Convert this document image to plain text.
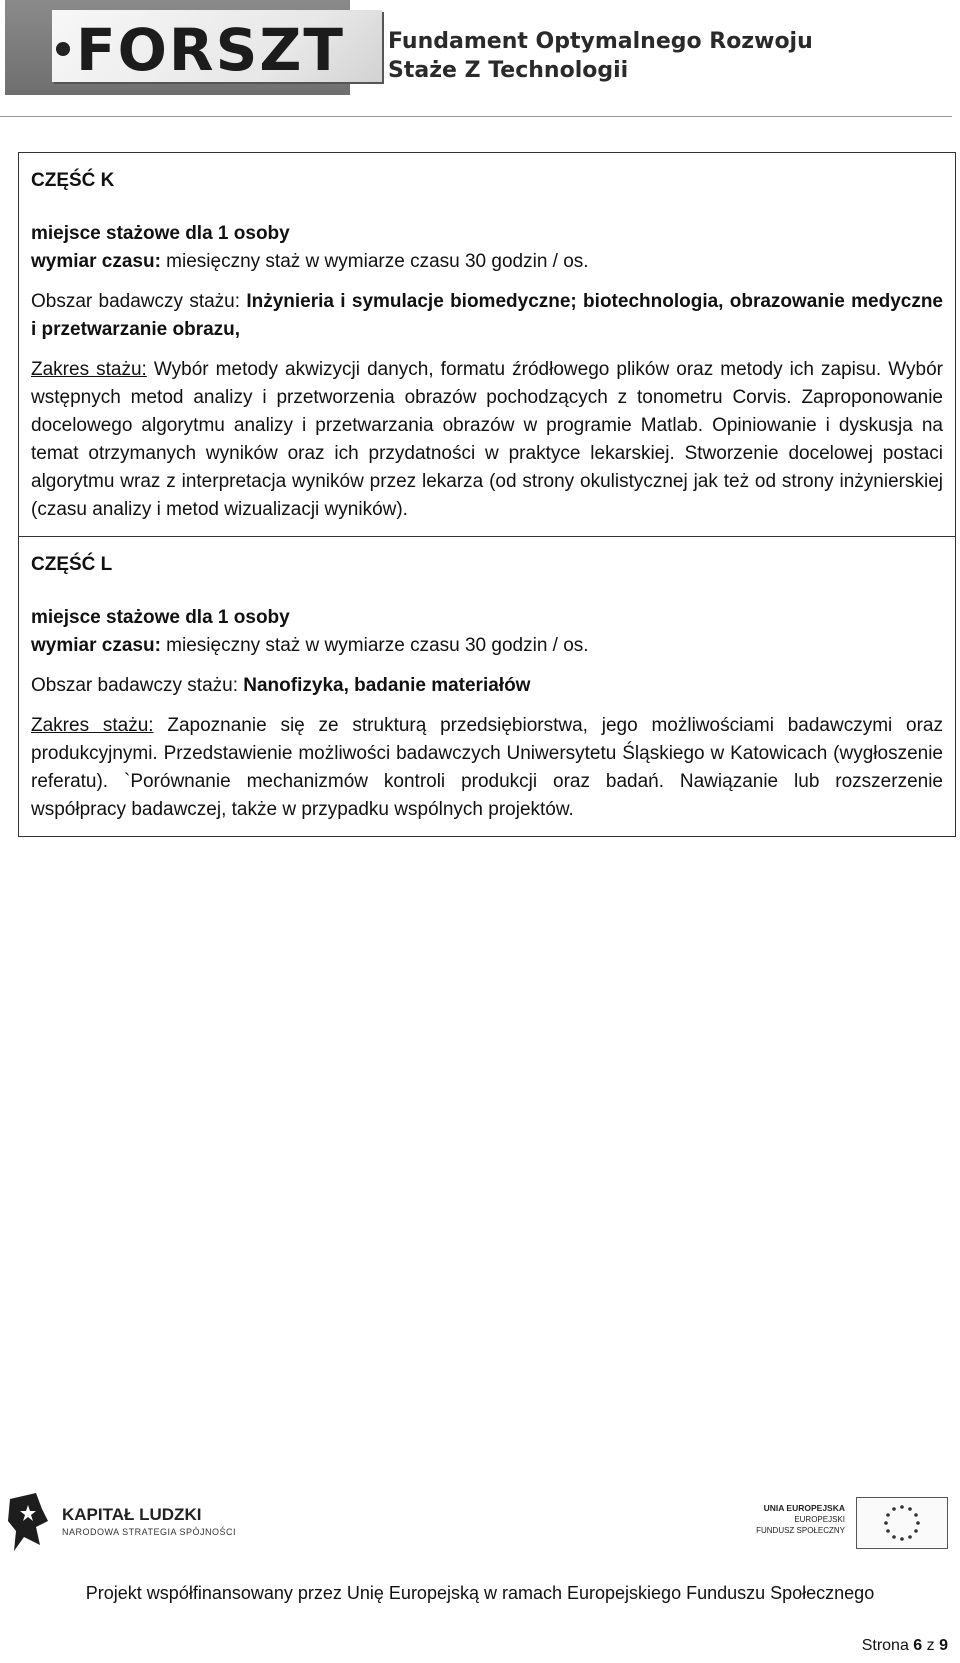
FORSZT Fundament Optymalnego Rozwoju
Staże Z Technologii
CZĘŚĆ K

miejsce stażowe dla 1 osoby

wymiar czasu: miesięczny staż w wymiarze czasu 30 godzin / os.

Obszar badawczy stażu: Inżynieria i symulacje biomedyczne; biotechnologia, obrazowanie medyczne i przetwarzanie obrazu,

Zakres stażu: Wybór metody akwizycji danych, formatu źródłowego plików oraz metody ich zapisu. Wybór wstępnych metod analizy i przetworzenia obrazów pochodzących z tonometru Corvis. Zaproponowanie docelowego algorytmu analizy i przetwarzania obrazów w programie Matlab. Opiniowanie i dyskusja na temat otrzymanych wyników oraz ich przydatności w praktyce lekarskiej. Stworzenie docelowej postaci algorytmu wraz z interpretacja wyników przez lekarza (od strony okulistycznej jak też od strony inżynierskiej (czasu analizy i metod wizualizacji wyników).

CZĘŚĆ L

miejsce stażowe dla 1 osoby

wymiar czasu: miesięczny staż w wymiarze czasu 30 godzin / os.

Obszar badawczy stażu: Nanofizyka, badanie materiałów

Zakres stażu: Zapoznanie się ze strukturą przedsiębiorstwa, jego możliwościami badawczymi oraz produkcyjnymi. Przedstawienie możliwości badawczych Uniwersytetu Śląskiego w Katowicach (wygłoszenie referatu). `Porównanie mechanizmów kontroli produkcji oraz badań. Nawiązanie lub rozszerzenie współpracy badawczej, także w przypadku wspólnych projektów.

KAPITAŁ LUDZKI
NARODOWA STRATEGIA SPÓJNOŚCI
UNIA EUROPEJSKA
EUROPEJSKI
FUNDUSZ SPOŁECZNY
Projekt współfinansowany przez Unię Europejską w ramach Europejskiego Funduszu Społecznego
Strona 6 z 9
